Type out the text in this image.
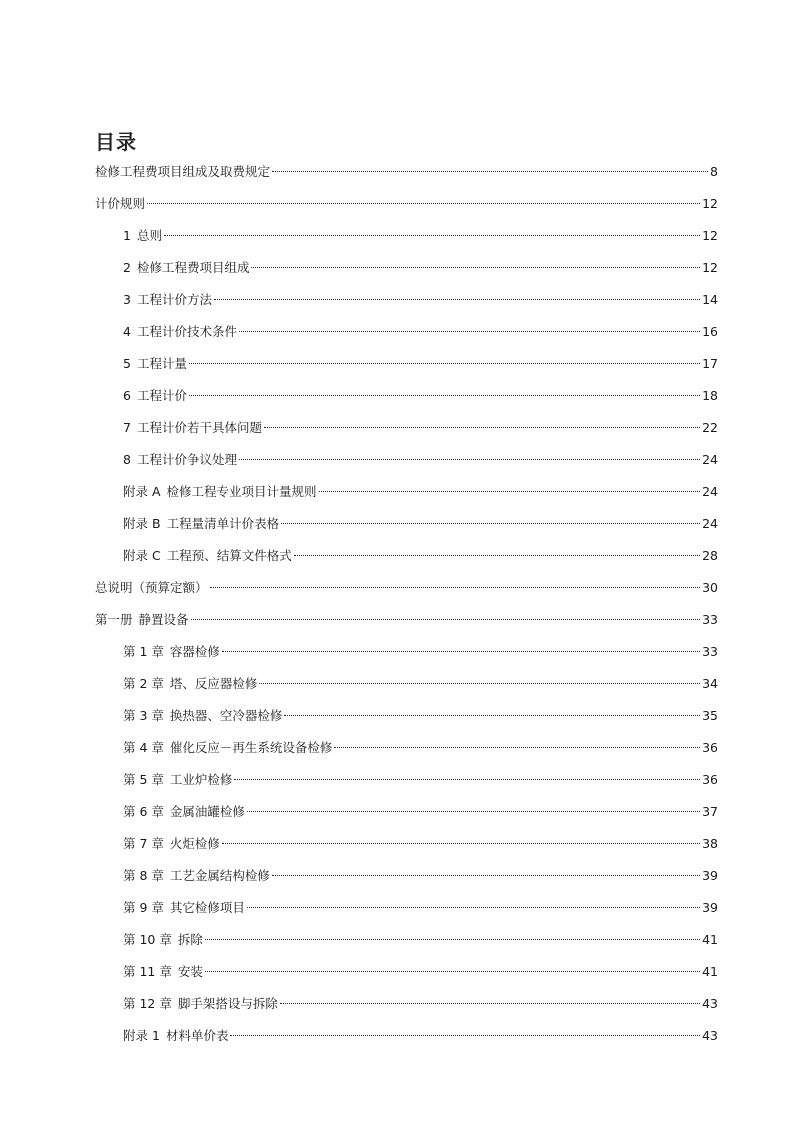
目录
检修工程费项目组成及取费规定	8
计价规则	12
1 总则	12
2 检修工程费项目组成	12
3 工程计价方法	14
4 工程计价技术条件	16
5 工程计量	17
6 工程计价	18
7 工程计价若干具体问题	22
8 工程计价争议处理	24
附录 A 检修工程专业项目计量规则	24
附录 B 工程量清单计价表格	24
附录 C 工程预、结算文件格式	28
总说明（预算定额）	30
第一册 静置设备	33
第 1 章 容器检修	33
第 2 章 塔、反应器检修	34
第 3 章 换热器、空冷器检修	35
第 4 章 催化反应－再生系统设备检修	36
第 5 章 工业炉检修	36
第 6 章 金属油罐检修	37
第 7 章 火炬检修	38
第 8 章 工艺金属结构检修	39
第 9 章 其它检修项目	39
第 10 章 拆除	41
第 11 章 安装	41
第 12 章 脚手架搭设与拆除	43
附录 1 材料单价表	43
